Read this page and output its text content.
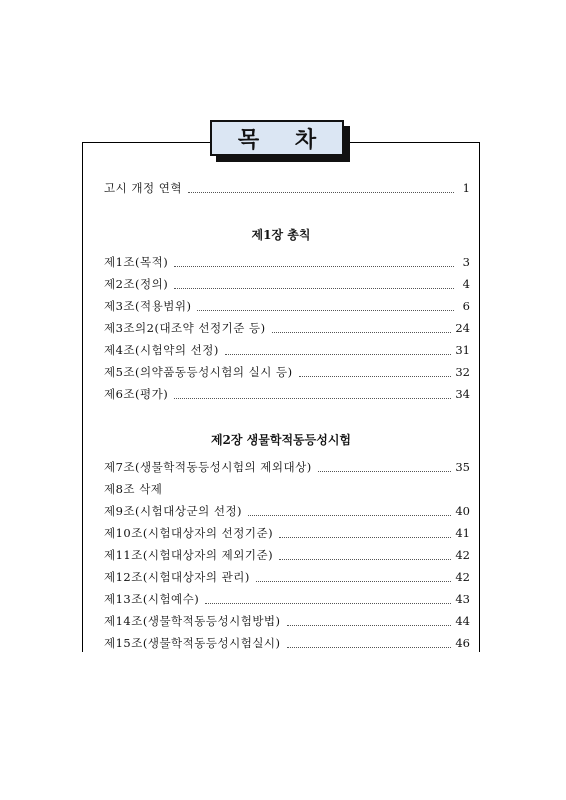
목 차
고시 개정 연혁	1
제1장 총칙
제1조(목적)	3
제2조(정의)	4
제3조(적용범위)	6
제3조의2(대조약 선정기준 등)	24
제4조(시험약의 선정)	31
제5조(의약품동등성시험의 실시 등)	32
제6조(평가)	34
제2장 생물학적동등성시험
제7조(생물학적동등성시험의 제외대상)	35
제8조 삭제
제9조(시험대상군의 선정)	40
제10조(시험대상자의 선정기준)	41
제11조(시험대상자의 제외기준)	42
제12조(시험대상자의 관리)	42
제13조(시험예수)	43
제14조(생물학적동등성시험방법)	44
제15조(생물학적동등성시험실시)	46
